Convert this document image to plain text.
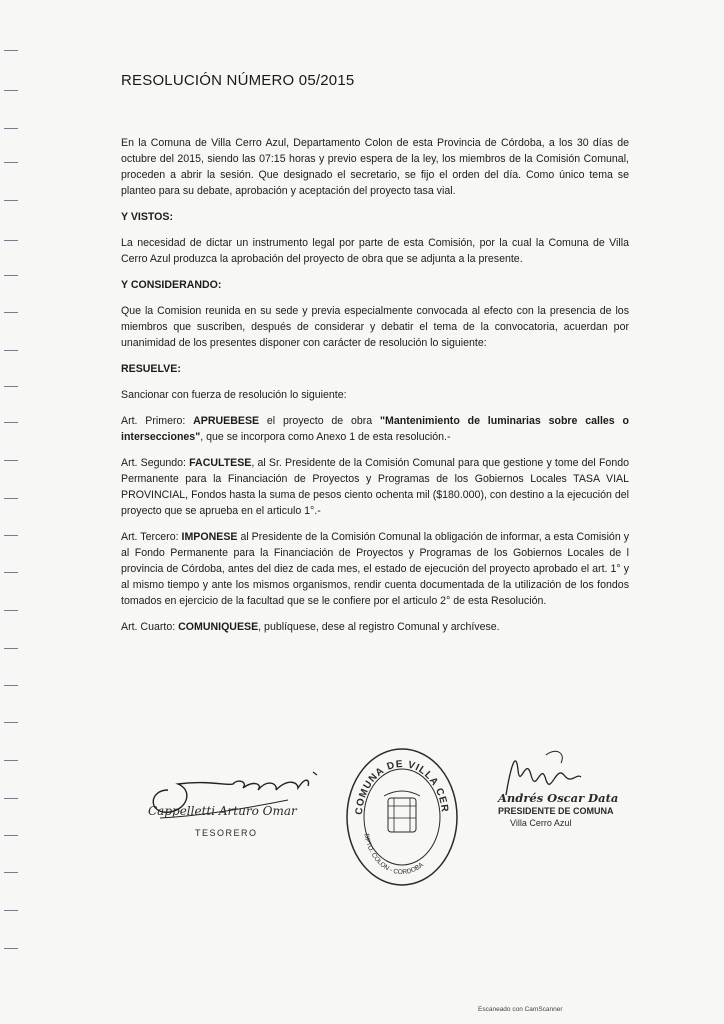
RESOLUCIÓN NÚMERO 05/2015

En la Comuna de Villa Cerro Azul, Departamento Colon de esta Provincia de Córdoba, a los 30 días de octubre del 2015, siendo las 07:15 horas y previo espera de la ley, los miembros de la Comisión Comunal, proceden a abrir la sesión. Que designado el secretario, se fijo el orden del día. Como único tema se planteo para su debate, aprobación y aceptación del proyecto tasa vial.

Y VISTOS:

La necesidad de dictar un instrumento legal por parte de esta Comisión, por la cual la Comuna de Villa Cerro Azul produzca la aprobación del proyecto de obra que se adjunta a la presente.

Y CONSIDERANDO:

Que la Comision reunida en su sede y previa especialmente convocada al efecto con la presencia de los miembros que suscriben, después de considerar y debatir el tema de la convocatoria, acuerdan por unanimidad de los presentes disponer con carácter de resolución lo siguiente:

RESUELVE:

Sancionar con fuerza de resolución lo siguiente:

Art. Primero: APRUEBESE el proyecto de obra "Mantenimiento de luminarias sobre calles o intersecciones", que se incorpora como Anexo 1 de esta resolución.-

Art. Segundo: FACULTESE, al Sr. Presidente de la Comisión Comunal para que gestione y tome del Fondo Permanente para la Financiación de Proyectos y Programas de los Gobiernos Locales TASA VIAL PROVINCIAL, Fondos hasta la suma de pesos ciento ochenta mil ($180.000), con destino a la ejecución del proyecto que se aprueba en el articulo 1°.-

Art. Tercero: IMPONESE al Presidente de la Comisión Comunal la obligación de informar, a esta Comisión y al Fondo Permanente para la Financiación de Proyectos y Programas de los Gobiernos Locales de l provincia de Córdoba, antes del diez de cada mes, el estado de ejecución del proyecto aprobado el art. 1° y al mismo tiempo y ante los mismos organismos, rendir cuenta documentada de la utilización de los fondos tomados en ejercicio de la facultad que se le confiere por el articulo 2° de esta Resolución.

Art. Cuarto: COMUNIQUESE, publíquese, dese al registro Comunal y archívese.

Cappelletti Arturo Omar
TESORERO
COMUNA DE VILLA CER
DPTO. COLON - CORDOBA
Andrés Oscar Data
PRESIDENTE DE COMUNA
Villa Cerro Azul
Escaneado con CamScanner
